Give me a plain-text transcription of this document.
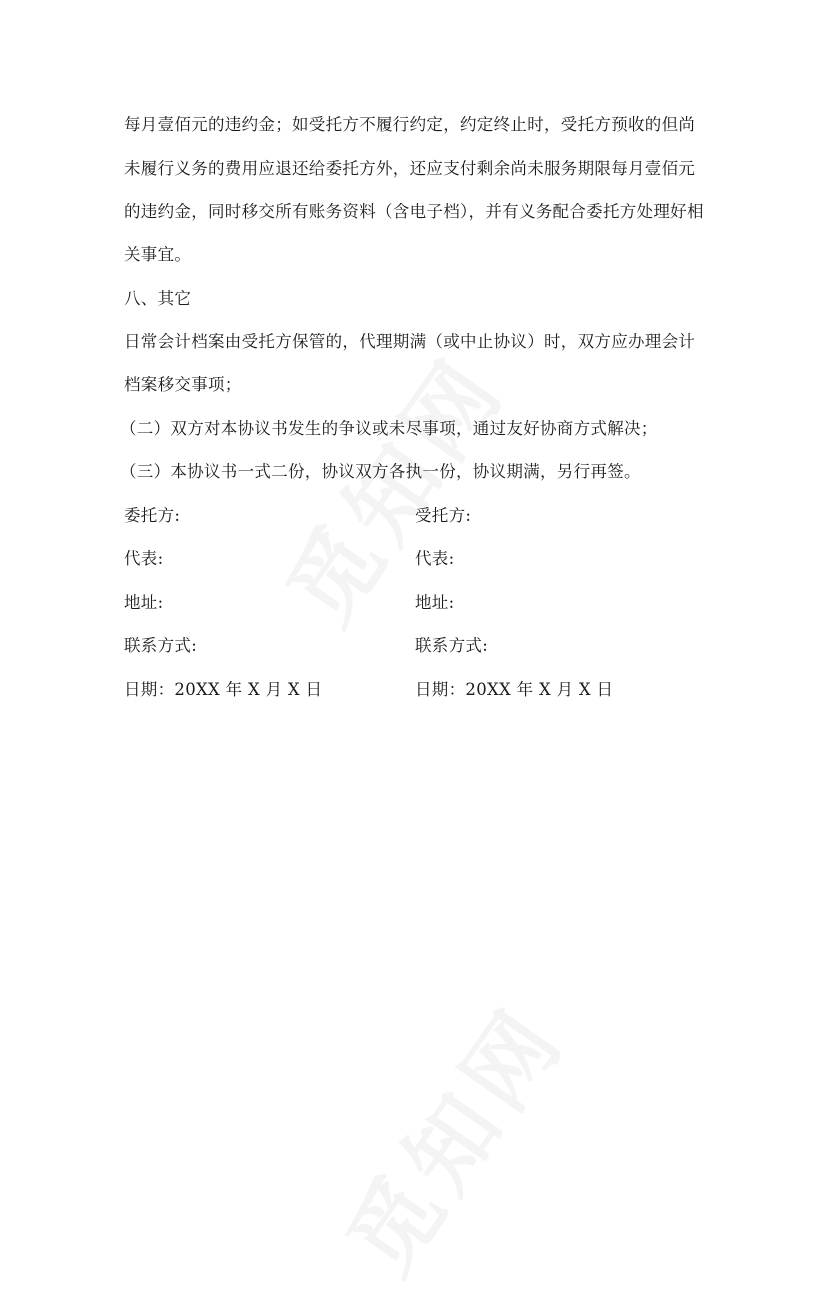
每月壹佰元的违约金；如受托方不履行约定，约定终止时，受托方预收的但尚
未履行义务的费用应退还给委托方外，还应支付剩余尚未服务期限每月壹佰元
的违约金，同时移交所有账务资料（含电子档），并有义务配合委托方处理好相
关事宜。
八、其它
日常会计档案由受托方保管的，代理期满（或中止协议）时，双方应办理会计
档案移交事项；
（二）双方对本协议书发生的争议或未尽事项，通过友好协商方式解决；
（三）本协议书一式二份，协议双方各执一份，协议期满，另行再签。
委托方:	受托方:
代表:	代表:
地址:	地址:
联系方式:	联系方式:
日期：20XX 年 X 月 X 日	日期：20XX 年 X 月 X 日
